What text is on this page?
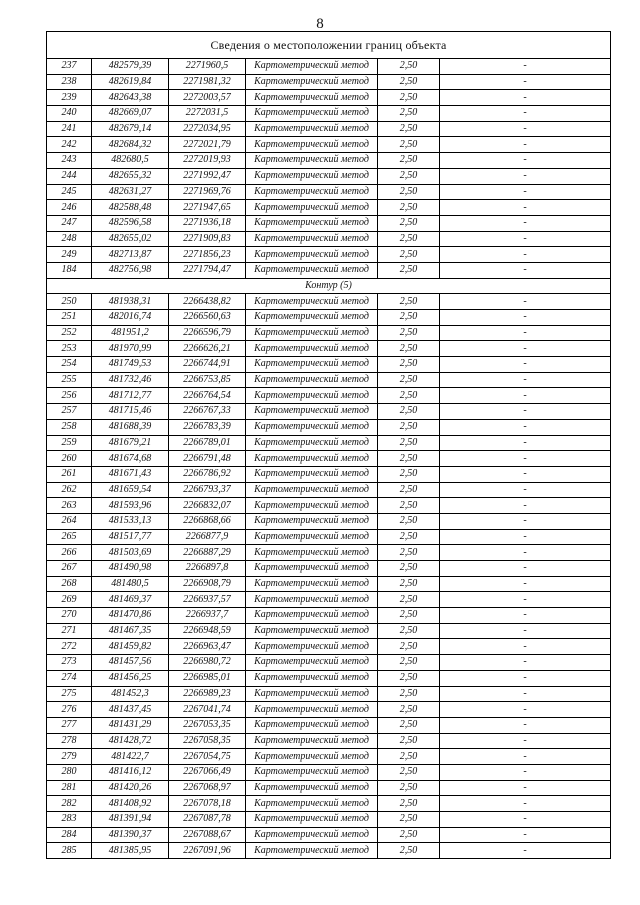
8
Сведения о местоположении границ объекта					
237	482579,39	2271960,5	Картометрический метод	2,50	-
238	482619,84	2271981,32	Картометрический метод	2,50	-
239	482643,38	2272003,57	Картометрический метод	2,50	-
240	482669,07	2272031,5	Картометрический метод	2,50	-
241	482679,14	2272034,95	Картометрический метод	2,50	-
242	482684,32	2272021,79	Картометрический метод	2,50	-
243	482680,5	2272019,93	Картометрический метод	2,50	-
244	482655,32	2271992,47	Картометрический метод	2,50	-
245	482631,27	2271969,76	Картометрический метод	2,50	-
246	482588,48	2271947,65	Картометрический метод	2,50	-
247	482596,58	2271936,18	Картометрический метод	2,50	-
248	482655,02	2271909,83	Картометрический метод	2,50	-
249	482713,87	2271856,23	Картометрический метод	2,50	-
184	482756,98	2271794,47	Картометрический метод	2,50	-
Контур (5)					
250	481938,31	2266438,82	Картометрический метод	2,50	-
251	482016,74	2266560,63	Картометрический метод	2,50	-
252	481951,2	2266596,79	Картометрический метод	2,50	-
253	481970,99	2266626,21	Картометрический метод	2,50	-
254	481749,53	2266744,91	Картометрический метод	2,50	-
255	481732,46	2266753,85	Картометрический метод	2,50	-
256	481712,77	2266764,54	Картометрический метод	2,50	-
257	481715,46	2266767,33	Картометрический метод	2,50	-
258	481688,39	2266783,39	Картометрический метод	2,50	-
259	481679,21	2266789,01	Картометрический метод	2,50	-
260	481674,68	2266791,48	Картометрический метод	2,50	-
261	481671,43	2266786,92	Картометрический метод	2,50	-
262	481659,54	2266793,37	Картометрический метод	2,50	-
263	481593,96	2266832,07	Картометрический метод	2,50	-
264	481533,13	2266868,66	Картометрический метод	2,50	-
265	481517,77	2266877,9	Картометрический метод	2,50	-
266	481503,69	2266887,29	Картометрический метод	2,50	-
267	481490,98	2266897,8	Картометрический метод	2,50	-
268	481480,5	2266908,79	Картометрический метод	2,50	-
269	481469,37	2266937,57	Картометрический метод	2,50	-
270	481470,86	2266937,7	Картометрический метод	2,50	-
271	481467,35	2266948,59	Картометрический метод	2,50	-
272	481459,82	2266963,47	Картометрический метод	2,50	-
273	481457,56	2266980,72	Картометрический метод	2,50	-
274	481456,25	2266985,01	Картометрический метод	2,50	-
275	481452,3	2266989,23	Картометрический метод	2,50	-
276	481437,45	2267041,74	Картометрический метод	2,50	-
277	481431,29	2267053,35	Картометрический метод	2,50	-
278	481428,72	2267058,35	Картометрический метод	2,50	-
279	481422,7	2267054,75	Картометрический метод	2,50	-
280	481416,12	2267066,49	Картометрический метод	2,50	-
281	481420,26	2267068,97	Картометрический метод	2,50	-
282	481408,92	2267078,18	Картометрический метод	2,50	-
283	481391,94	2267087,78	Картометрический метод	2,50	-
284	481390,37	2267088,67	Картометрический метод	2,50	-
285	481385,95	2267091,96	Картометрический метод	2,50	-
